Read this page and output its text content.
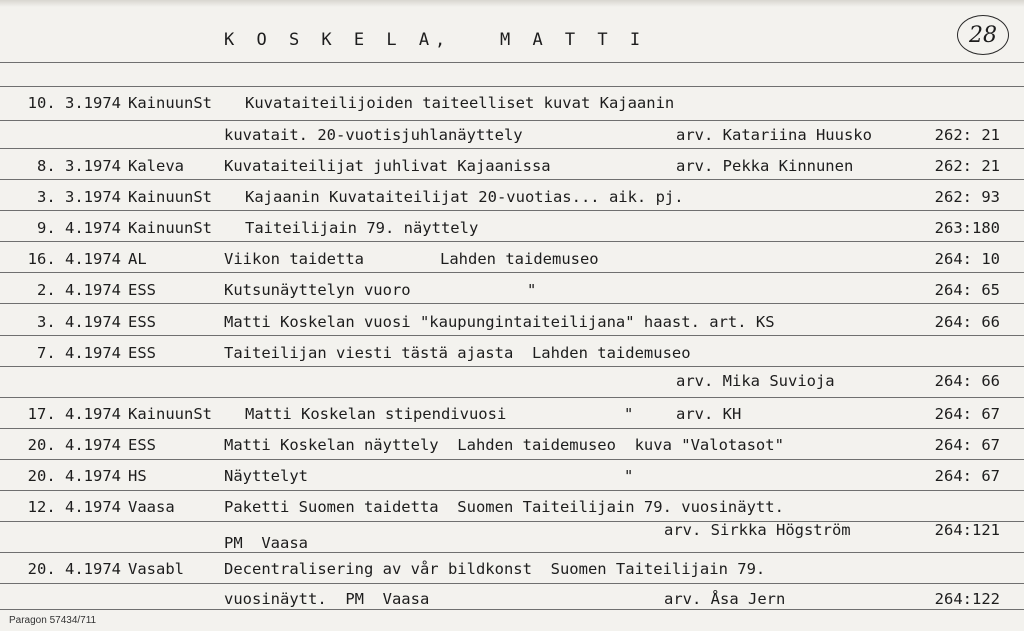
K O S K E L A,   M A T T I	28
10. 3.1974 KainuunSt Kuvataiteilijoiden taiteelliset kuvat Kajaanin
kuvatait. 20-vuotisjuhlanäyttely	arv. Katariina Huusko	262: 21
8. 3.1974 Kaleva	Kuvataiteilijat juhlivat Kajaanissa	arv. Pekka Kinnunen	262: 21
3. 3.1974 KainuunSt Kajaanin Kuvataiteilijat 20-vuotias... aik. pj.	262: 93
9. 4.1974 KainuunSt Taiteilijain 79. näyttely	263:180
16. 4.1974 AL	Viikon taidetta	Lahden taidemuseo	264: 10
2. 4.1974 ESS	Kutsunäyttelyn vuoro	"	264: 65
3. 4.1974 ESS	Matti Koskelan vuosi "kaupungintaiteilijana" haast. art. KS	264: 66
7. 4.1974 ESS	Taiteilijan viesti tästä ajasta  Lahden taidemuseo
arv. Mika Suvioja	264: 66
17. 4.1974 KainuunSt Matti Koskelan stipendivuosi	"	arv. KH	264: 67
20. 4.1974 ESS	Matti Koskelan näyttely  Lahden taidemuseo  kuva "Valotasot"	264: 67
20. 4.1974 HS	Näyttelyt	"	264: 67
12. 4.1974 Vaasa	Paketti Suomen taidetta  Suomen Taiteilijain 79. vuosinäytt.
arv. Sirkka Högström	264:121
PM  Vaasa
20. 4.1974 Vasabl	Decentralisering av vår bildkonst  Suomen Taiteilijain 79.
vuosinäytt.  PM  Vaasa	arv. Åsa Jern	264:122
Paragon 57434/711
